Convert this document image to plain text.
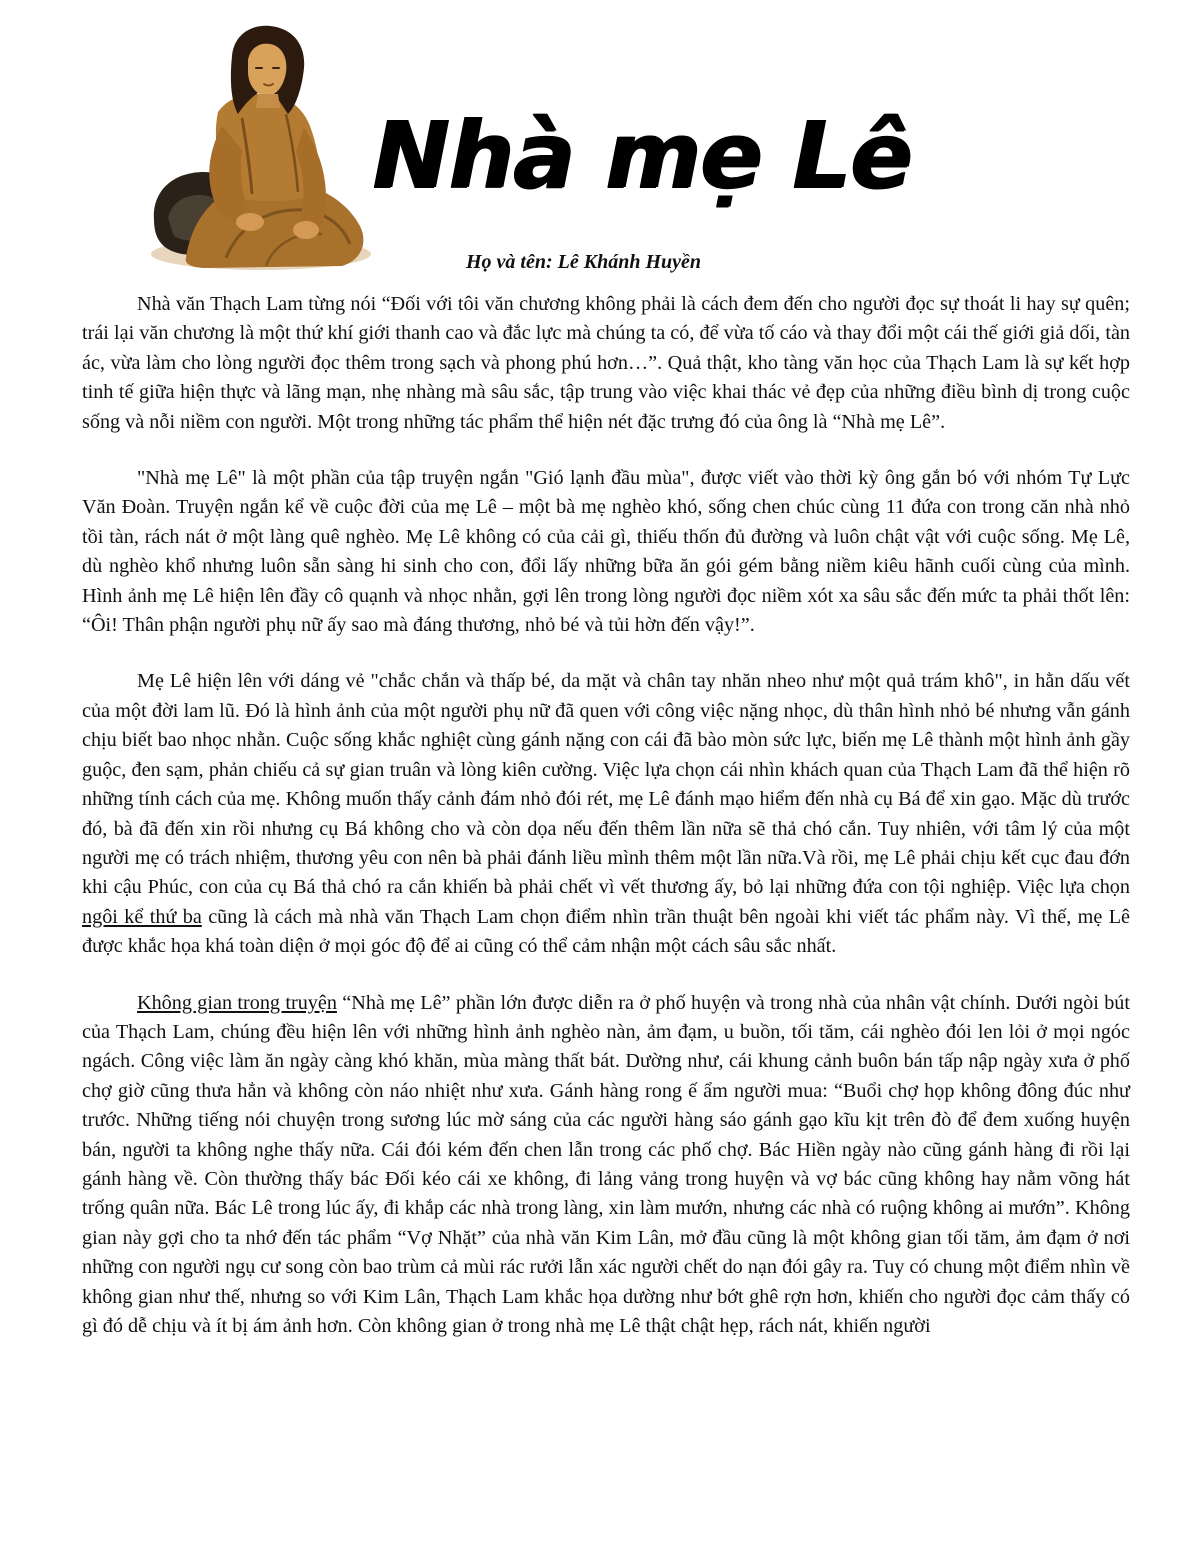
Nhà mẹ Lê
Họ và tên: Lê Khánh Huyền

Nhà văn Thạch Lam từng nói “Đối với tôi văn chương không phải là cách đem đến cho người đọc sự thoát li hay sự quên; trái lại văn chương là một thứ khí giới thanh cao và đắc lực mà chúng ta có, để vừa tố cáo và thay đổi một cái thế giới giả dối, tàn ác, vừa làm cho lòng người đọc thêm trong sạch và phong phú hơn…”. Quả thật, kho tàng văn học của Thạch Lam là sự kết hợp tinh tế giữa hiện thực và lãng mạn, nhẹ nhàng mà sâu sắc, tập trung vào việc khai thác vẻ đẹp của những điều bình dị trong cuộc sống và nỗi niềm con người. Một trong những tác phẩm thể hiện nét đặc trưng đó của ông là “Nhà mẹ Lê”.

"Nhà mẹ Lê" là một phần của tập truyện ngắn "Gió lạnh đầu mùa", được viết vào thời kỳ ông gắn bó với nhóm Tự Lực Văn Đoàn. Truyện ngắn kể về cuộc đời của mẹ Lê – một bà mẹ nghèo khó, sống chen chúc cùng 11 đứa con trong căn nhà nhỏ tồi tàn, rách nát ở một làng quê nghèo. Mẹ Lê không có của cải gì, thiếu thốn đủ đường và luôn chật vật với cuộc sống. Mẹ Lê, dù nghèo khổ nhưng luôn sẵn sàng hi sinh cho con, đổi lấy những bữa ăn gói gém bằng niềm kiêu hãnh cuối cùng của mình. Hình ảnh mẹ Lê hiện lên đầy cô quạnh và nhọc nhằn, gợi lên trong lòng người đọc niềm xót xa sâu sắc đến mức ta phải thốt lên: “Ôi! Thân phận người phụ nữ ấy sao mà đáng thương, nhỏ bé và tủi hờn đến vậy!”.

Mẹ Lê hiện lên với dáng vẻ "chắc chắn và thấp bé, da mặt và chân tay nhăn nheo như một quả trám khô", in hằn dấu vết của một đời lam lũ. Đó là hình ảnh của một người phụ nữ đã quen với công việc nặng nhọc, dù thân hình nhỏ bé nhưng vẫn gánh chịu biết bao nhọc nhằn. Cuộc sống khắc nghiệt cùng gánh nặng con cái đã bào mòn sức lực, biến mẹ Lê thành một hình ảnh gầy guộc, đen sạm, phản chiếu cả sự gian truân và lòng kiên cường. Việc lựa chọn cái nhìn khách quan của Thạch Lam đã thể hiện rõ những tính cách của mẹ. Không muốn thấy cảnh đám nhỏ đói rét, mẹ Lê đánh mạo hiểm đến nhà cụ Bá để xin gạo. Mặc dù trước đó, bà đã đến xin rồi nhưng cụ Bá không cho và còn dọa nếu đến thêm lần nữa sẽ thả chó cắn. Tuy nhiên, với tâm lý của một người mẹ có trách nhiệm, thương yêu con nên bà phải đánh liều mình thêm một lần nữa.Và rồi, mẹ Lê phải chịu kết cục đau đớn khi cậu Phúc, con của cụ Bá thả chó ra cắn khiến bà phải chết vì vết thương ấy, bỏ lại những đứa con tội nghiệp. Việc lựa chọn ngôi kể thứ ba cũng là cách mà nhà văn Thạch Lam chọn điểm nhìn trần thuật bên ngoài khi viết tác phẩm này. Vì thế, mẹ Lê được khắc họa khá toàn diện ở mọi góc độ để ai cũng có thể cảm nhận một cách sâu sắc nhất.

Không gian trong truyện “Nhà mẹ Lê” phần lớn được diễn ra ở phố huyện và trong nhà của nhân vật chính. Dưới ngòi bút của Thạch Lam, chúng đều hiện lên với những hình ảnh nghèo nàn, ảm đạm, u buồn, tối tăm, cái nghèo đói len lỏi ở mọi ngóc ngách. Công việc làm ăn ngày càng khó khăn, mùa màng thất bát. Dường như, cái khung cảnh buôn bán tấp nập ngày xưa ở phố chợ giờ cũng thưa hẳn và không còn náo nhiệt như xưa. Gánh hàng rong ế ẩm người mua: “Buổi chợ họp không đông đúc như trước. Những tiếng nói chuyện trong sương lúc mờ sáng của các người hàng sáo gánh gạo kĩu kịt trên đò để đem xuống huyện bán, người ta không nghe thấy nữa. Cái đói kém đến chen lẫn trong các phố chợ. Bác Hiền ngày nào cũng gánh hàng đi rồi lại gánh hàng về. Còn thường thấy bác Đối kéo cái xe không, đi lảng vảng trong huyện và vợ bác cũng không hay nằm võng hát trống quân nữa. Bác Lê trong lúc ấy, đi khắp các nhà trong làng, xin làm mướn, nhưng các nhà có ruộng không ai mướn”. Không gian này gợi cho ta nhớ đến tác phẩm “Vợ Nhặt” của nhà văn Kim Lân, mở đầu cũng là một không gian tối tăm, ảm đạm ở nơi những con người ngụ cư song còn bao trùm cả mùi rác rưởi lẫn xác người chết do nạn đói gây ra. Tuy có chung một điểm nhìn về không gian như thế, nhưng so với Kim Lân, Thạch Lam khắc họa dường như bớt ghê rợn hơn, khiến cho người đọc cảm thấy có gì đó dễ chịu và ít bị ám ảnh hơn. Còn không gian ở trong nhà mẹ Lê thật chật hẹp, rách nát, khiến người
